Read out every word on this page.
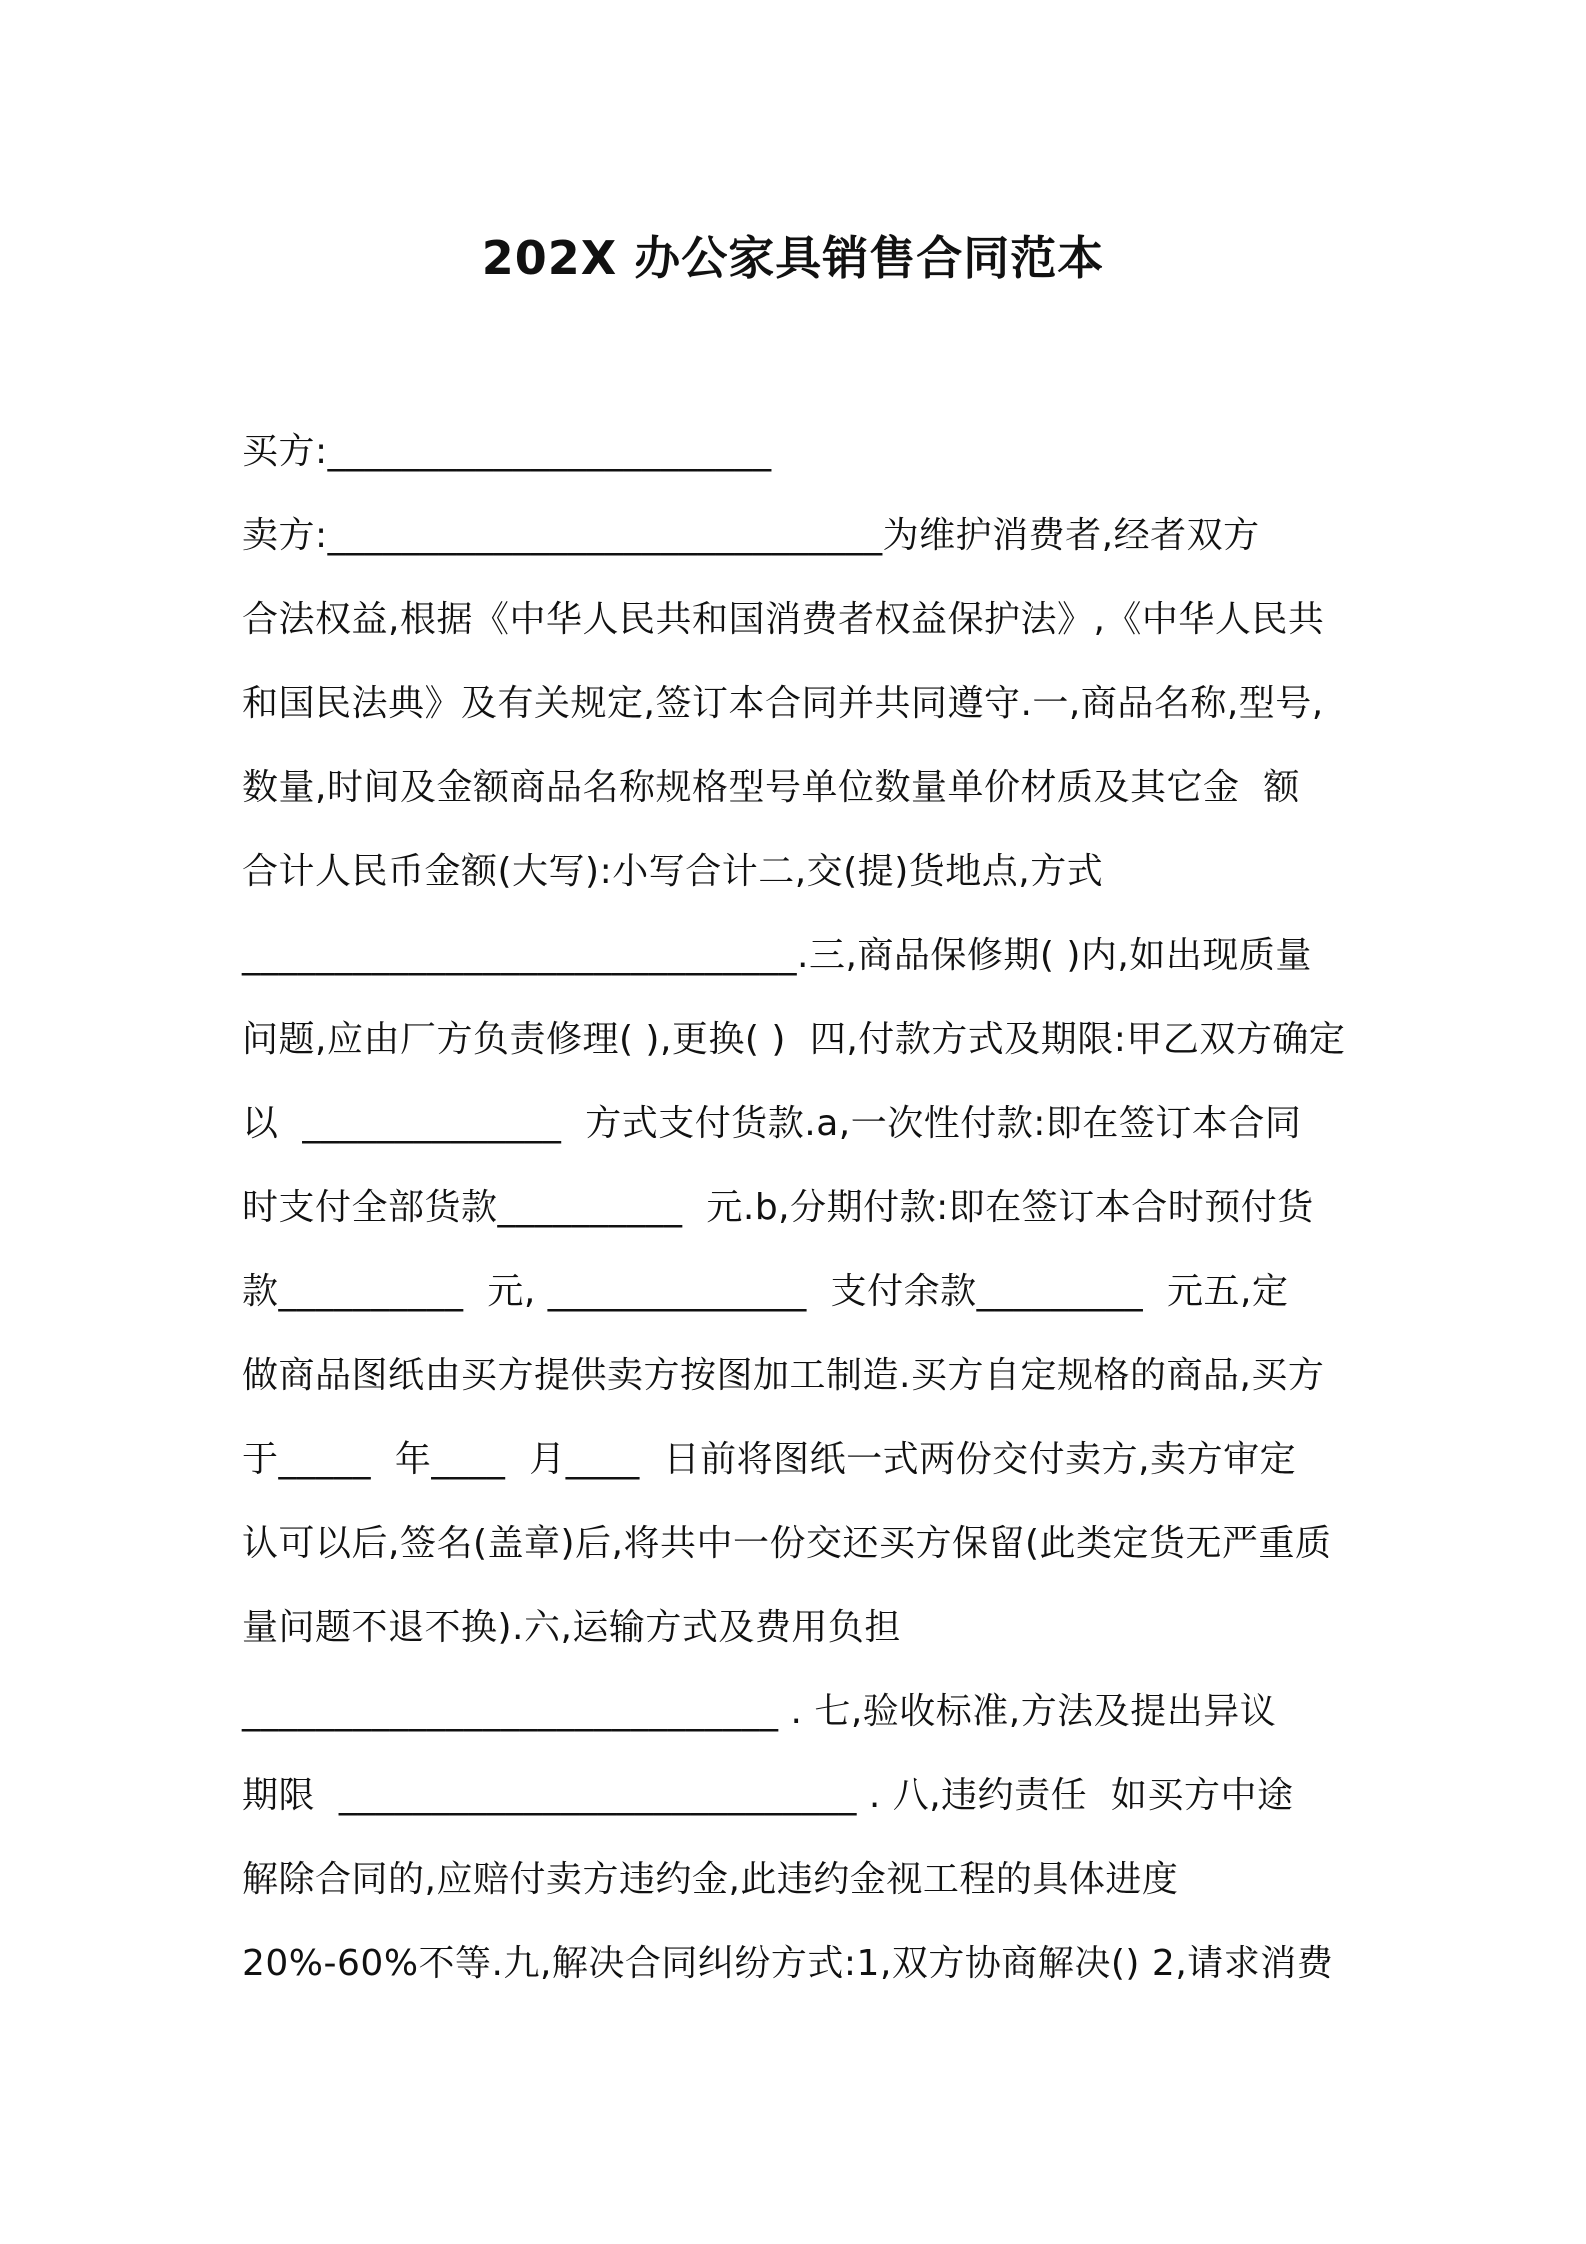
202X 办公家具销售合同范本
买方:________________________
卖方:______________________________为维护消费者,经者双方
合法权益,根据《中华人民共和国消费者权益保护法》,《中华人民共
和国民法典》及有关规定,签订本合同并共同遵守.一,商品名称,型号,
数量,时间及金额商品名称规格型号单位数量单价材质及其它金  额
合计人民币金额(大写):小写合计二,交(提)货地点,方式
______________________________.三,商品保修期( )内,如出现质量
问题,应由厂方负责修理( ),更换( )  四,付款方式及期限:甲乙双方确定
以  ______________  方式支付货款.a,一次性付款:即在签订本合同
时支付全部货款__________  元.b,分期付款:即在签订本合时预付货
款__________  元, ______________  支付余款_________  元五,定
做商品图纸由买方提供卖方按图加工制造.买方自定规格的商品,买方
于_____  年____  月____  日前将图纸一式两份交付卖方,卖方审定
认可以后,签名(盖章)后,将共中一份交还买方保留(此类定货无严重质
量问题不退不换).六,运输方式及费用负担
_____________________________ . 七,验收标准,方法及提出异议
期限  ____________________________ . 八,违约责任  如买方中途
解除合同的,应赔付卖方违约金,此违约金视工程的具体进度
20%-60%不等.九,解决合同纠纷方式:1,双方协商解决() 2,请求消费
